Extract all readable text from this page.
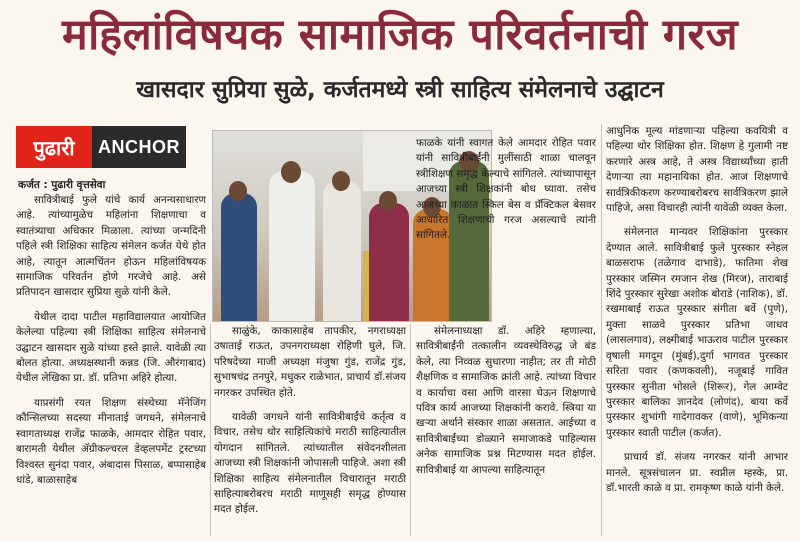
महिलांविषयक सामाजिक परिवर्तनाची गरज
खासदार सुप्रिया सुळे, कर्जतमध्ये स्त्री साहित्य संमेलनाचे उद्घाटन
पुढारी	ANCHOR
कर्जत : पुढारी वृत्तसेवा

सावित्रीबाई फुले यांचे कार्य अनन्यसाधारण आहे. त्यांच्यामुळेच महिलांना शिक्षणाचा व स्वातंत्र्याचा अधिकार मिळाला. त्यांच्या जन्मदिनी पहिले स्त्री शिक्षिका साहित्य संमेलन कर्जत येथे होत आहे, त्यातून आत्मचिंतन होऊन महिलांविषयक सामाजिक परिवर्तन होणे गरजेचे आहे. असे प्रतिपादन खासदार सुप्रिया सुळे यांनी केले.

येथील दादा पाटील महाविद्यालयात आयोजित केलेल्या पहिल्या स्त्री शिक्षिका साहित्य संमेलनाचे उद्घाटन खासदार सुळे यांच्या हस्ते झाले. यावेळी त्या बोलत होत्या. अध्यक्षस्थानी कन्नड (जि. औरंगाबाद) येथील लेखिका प्रा. डॉ. प्रतिभा अहिरे होत्या.

याप्रसंगी रयत शिक्षण संस्थेच्या मॅनेजिंग कौन्सिलच्या सदस्या मीनाताई जगधने, संमेलनाचे स्वागताध्यक्ष राजेंद्र फाळके, आमदार रोहित पवार, बारामती येथील ॲग्रीकल्चरल डेव्हलपमेंट ट्रस्टच्या विश्वस्त सुनंदा पवार, अंबादास पिसाळ, बप्पासाहेब धांडे, बाळासाहेब

साळुंके, काकासाहेब तापकीर, नगराध्यक्षा उषाताई राऊत, उपनगराध्यक्षा रोहिणी घुले, जि. परिषदेच्या माजी अध्यक्षा मंजुषा गुंड, राजेंद्र गुंड, सुभाषचंद्र तनपुरे, मधुकर राळेभात, प्राचार्य डॉ.संजय नगरकर उपस्थित होते.

यावेळी जगधने यांनी सावित्रीबाईंचे कर्तृत्व व विचार, तसेच थोर साहित्यिकांचे मराठी साहित्यातील योगदान सांगितले. त्यांच्यातील संवेदनशीलता आजच्या स्त्री शिक्षकांनी जोपासली पाहिजे. अशा स्त्री शिक्षिका साहित्य संमेलनातील विचारातून मराठी साहित्याबरोबरच मराठी माणूसही समृद्ध होण्यास मदत होईल.

फाळके यांनी स्वागत केले आमदार रोहित पवार यांनी सावित्रीबाईंनी मुलींसाठी शाळा चालवून स्त्रीशिक्षण समृद्ध केल्याचे सांगितले. त्यांच्यापासून आजच्या स्त्री शिक्षकांनी बोध घ्यावा. तसेच आजच्या काळात स्किल बेस व प्रॅक्टिकल बेसवर आधारित शिक्षणाची गरज असल्याचे त्यांनी सांगितले.

संमेलनाध्यक्षा डॉ. अहिरे म्हणाल्या, सावित्रीबाईंनी तत्कालीन व्यवस्थेविरुद्ध जे बंड केले, त्या निव्वळ सुधारणा नाहीत; तर ती मोठी शैक्षणिक व सामाजिक क्रांती आहे. त्यांच्या विचार व कार्याचा वसा आणि वारसा घेऊन शिक्षणाचे पवित्र कार्य आजच्या शिक्षकांनी करावे. स्त्रिया या खऱ्या अर्थाने संस्कार शाळा असतात. आईच्या व सावित्रीबाईंच्या डोळ्याने समाजाकडे पाहिल्यास अनेक सामाजिक प्रश्न मिटण्यास मदत होईल. सावित्रीबाई या आपल्या साहित्यातून

आधुनिक मूल्य मांडणाऱ्या पहिल्या कवयित्री व पहिल्या थोर शिक्षिका होत. शिक्षण हे गुलामी नष्ट करणारे अस्त्र आहे, ते अस्त्र विद्यार्थ्यांच्या हाती देणाऱ्या त्या महानायिका होत. आज शिक्षणाचे सार्वत्रिकीकरण करण्याबरोबरच सार्वत्रिकरण झाले पाहिजे, असा विचारही त्यांनी यावेळी व्यक्त केला.

संमेलनात मान्यवर शिक्षिकांना पुरस्कार देण्यात आले. सावित्रीबाई फुले पुरस्कार स्नेहल बाळसराफ (तळेगाव दाभाडे), फातिमा शेख पुरस्कार जस्मिन रमजान शेख (मिरज), ताराबाई शिंदे पुरस्कार सुरेखा अशोक बोराडे (नाशिक), डॉ. रखमाबाई राऊत पुरस्कार संगीता बर्वे (पुणे), मुक्ता साळवे पुरस्कार प्रतिभा जाधव (लासलगाव), लक्ष्मीबाई भाऊराव पाटील पुरस्कार वृषाली मगदूम (मुंबई),दुर्गा भागवत पुरस्कार सरिता पवार (कणकवली), नजूबाई गावित पुरस्कार सुनीता भोसले (शिरूर), गेल आम्वेट पुरस्कार बालिका ज्ञानदेव (लोणंद), बाया कर्वे पुरस्कार शुभांगी गादेगावकर (वाणे), भूमिकन्या पुरस्कार स्वाती पाटील (कर्जत).

प्राचार्य डॉ. संजय नगरकर यांनी आभार मानले. सूत्रसंचालन प्रा. स्वप्नील म्हस्के, प्रा. डॉ.भारती काळे व प्रा. रामकृष्ण काळे यांनी केले.
